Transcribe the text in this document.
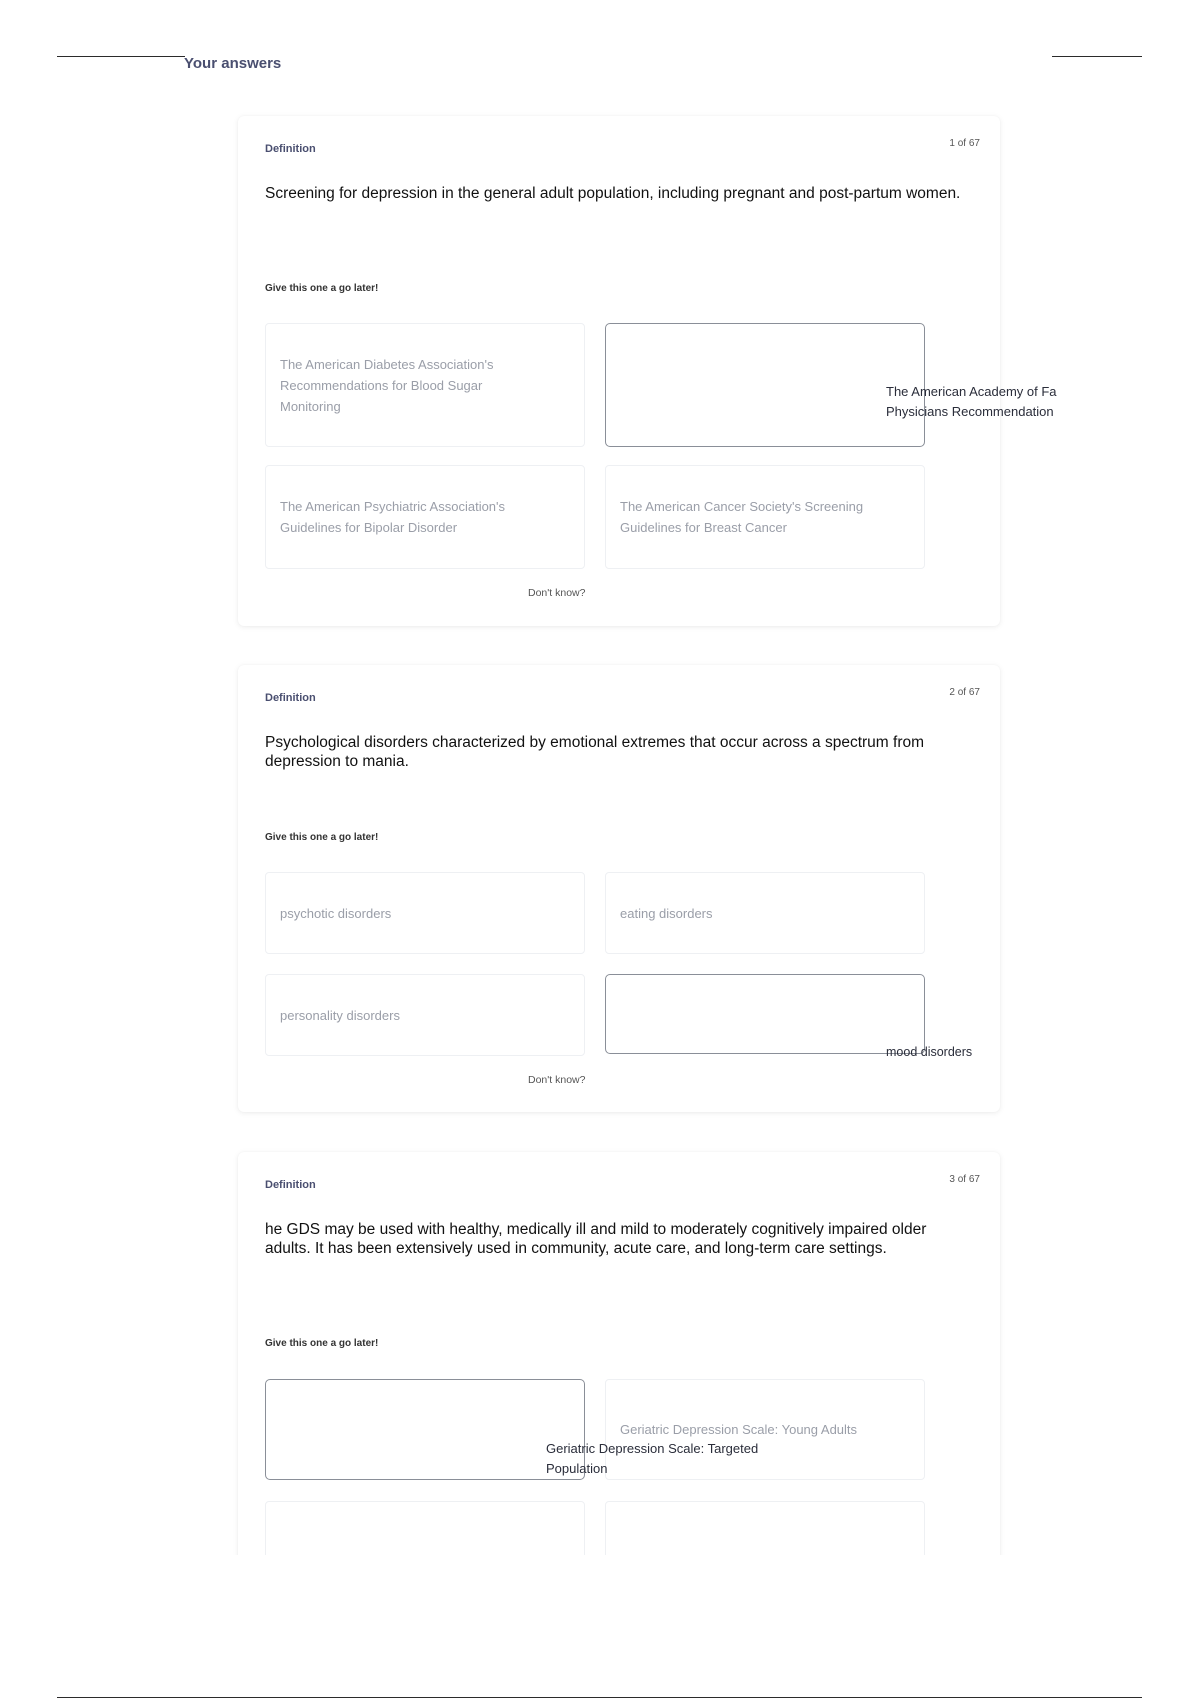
Your answers
Definition	1 of 67
Screening for depression in the general adult population, including pregnant and post-partum women.
Give this one a go later!
The American Diabetes Association's Recommendations for Blood Sugar Monitoring
The American Psychiatric Association's Guidelines for Bipolar Disorder
The American Cancer Society's Screening Guidelines for Breast Cancer
Don't know?
Definition	2 of 67
Psychological disorders characterized by emotional extremes that occur across a spectrum from depression to mania.
Give this one a go later!
psychotic disorders	eating disorders
personality disorders
Don't know?
Definition	3 of 67
he GDS may be used with healthy, medically ill and mild to moderately cognitively impaired older adults. It has been extensively used in community, acute care, and long-term care settings.
Give this one a go later!
Geriatric Depression Scale: Young Adults
The American Academy of Fa
Physicians Recommendation
mood disorders
Geriatric Depression Scale: Targeted
Population
